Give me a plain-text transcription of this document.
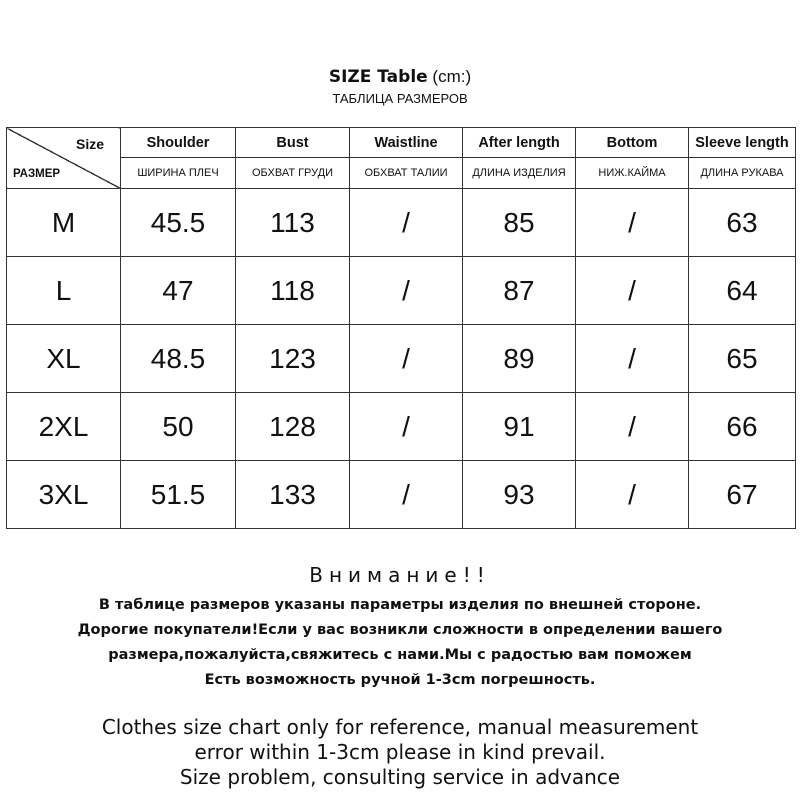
SIZE Table (cm:)
ТАБЛИЦА РАЗМЕРОВ
Size
РАЗМЕР	Shoulder	Bust	Waistline	After length	Bottom	Sleeve length
	ШИРИНА ПЛЕЧ	ОБХВАТ ГРУДИ	ОБХВАТ ТАЛИИ	ДЛИНА ИЗДЕЛИЯ	НИЖ.КАЙМА	ДЛИНА РУКАВА
M	45.5	113	/	85	/	63
L	47	118	/	87	/	64
XL	48.5	123	/	89	/	65
2XL	50	128	/	91	/	66
3XL	51.5	133	/	93	/	67
Внимание!!
В таблице размеров указаны параметры изделия по внешней стороне.
Дорогие покупатели!Если у вас возникли сложности в определении вашего
размера,пожалуйста,свяжитесь с нами.Мы с радостью вам поможем
Есть возможность ручной 1-3cm погрешность.
Clothes size chart only for reference, manual measurement
error within 1-3cm please in kind prevail.
Size problem, consulting service in advance
